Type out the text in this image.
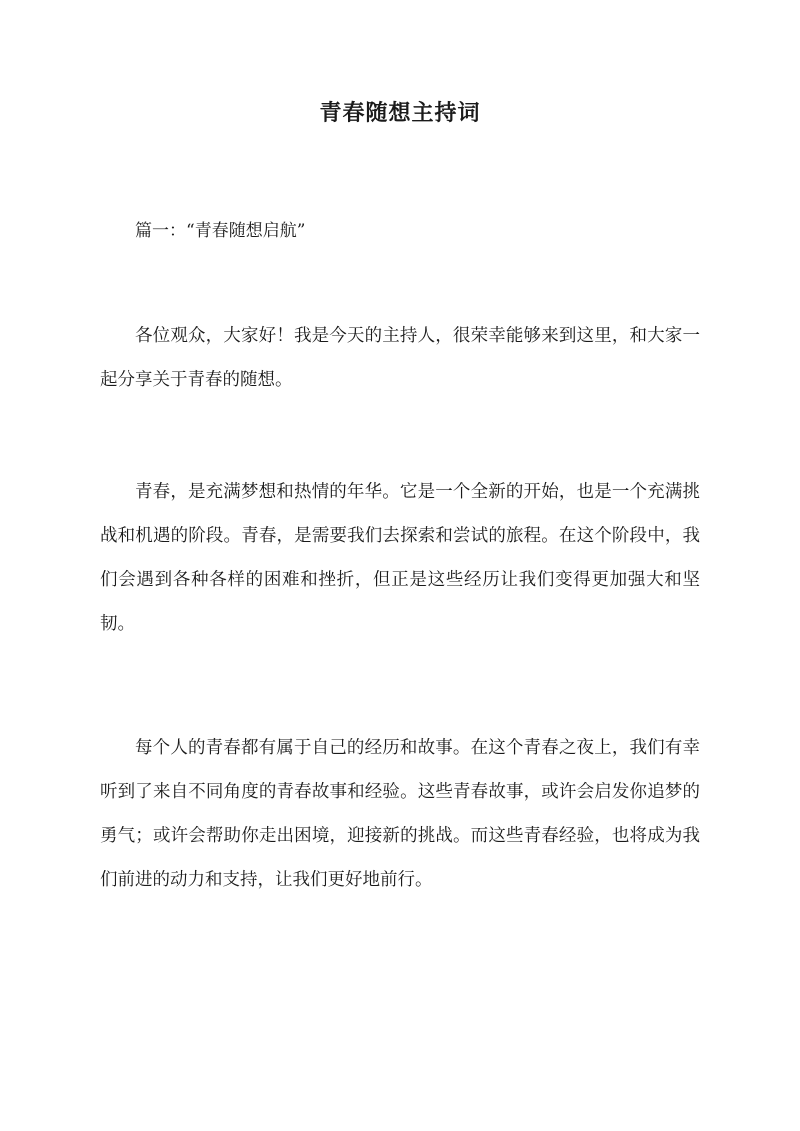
青春随想主持词

篇一：“青春随想启航”

各位观众，大家好！我是今天的主持人，很荣幸能够来到这里，和大家一起分享关于青春的随想。

青春，是充满梦想和热情的年华。它是一个全新的开始，也是一个充满挑战和机遇的阶段。青春，是需要我们去探索和尝试的旅程。在这个阶段中，我们会遇到各种各样的困难和挫折，但正是这些经历让我们变得更加强大和坚韧。

每个人的青春都有属于自己的经历和故事。在这个青春之夜上，我们有幸听到了来自不同角度的青春故事和经验。这些青春故事，或许会启发你追梦的勇气；或许会帮助你走出困境，迎接新的挑战。而这些青春经验，也将成为我们前进的动力和支持，让我们更好地前行。
